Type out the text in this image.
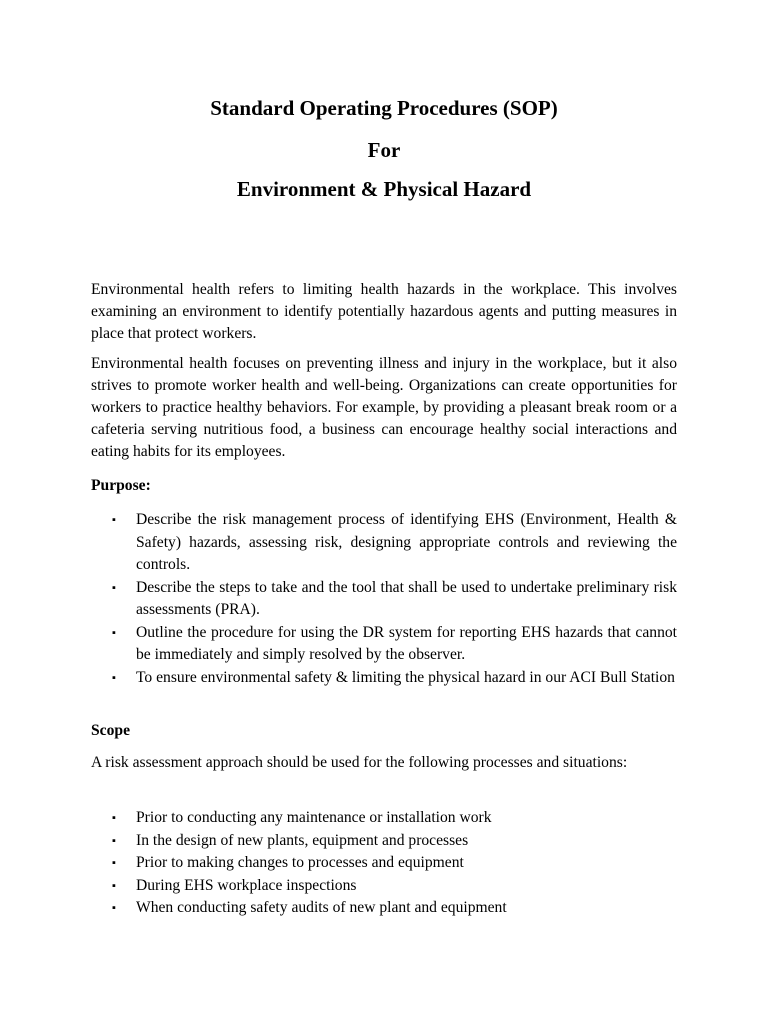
Standard Operating Procedures (SOP)
For
Environment & Physical Hazard

Environmental health refers to limiting health hazards in the workplace. This involves examining an environment to identify potentially hazardous agents and putting measures in place that protect workers.

Environmental health focuses on preventing illness and injury in the workplace, but it also strives to promote worker health and well-being. Organizations can create opportunities for workers to practice healthy behaviors. For example, by providing a pleasant break room or a cafeteria serving nutritious food, a business can encourage healthy social interactions and eating habits for its employees.

Purpose:

▪ Describe the risk management process of identifying EHS (Environment, Health & Safety) hazards, assessing risk, designing appropriate controls and reviewing the controls.
▪ Describe the steps to take and the tool that shall be used to undertake preliminary risk assessments (PRA).
▪ Outline the procedure for using the DR system for reporting EHS hazards that cannot be immediately and simply resolved by the observer.
▪ To ensure environmental safety & limiting the physical hazard in our ACI Bull Station

Scope

A risk assessment approach should be used for the following processes and situations:

▪ Prior to conducting any maintenance or installation work
▪ In the design of new plants, equipment and processes
▪ Prior to making changes to processes and equipment
▪ During EHS workplace inspections
▪ When conducting safety audits of new plant and equipment
